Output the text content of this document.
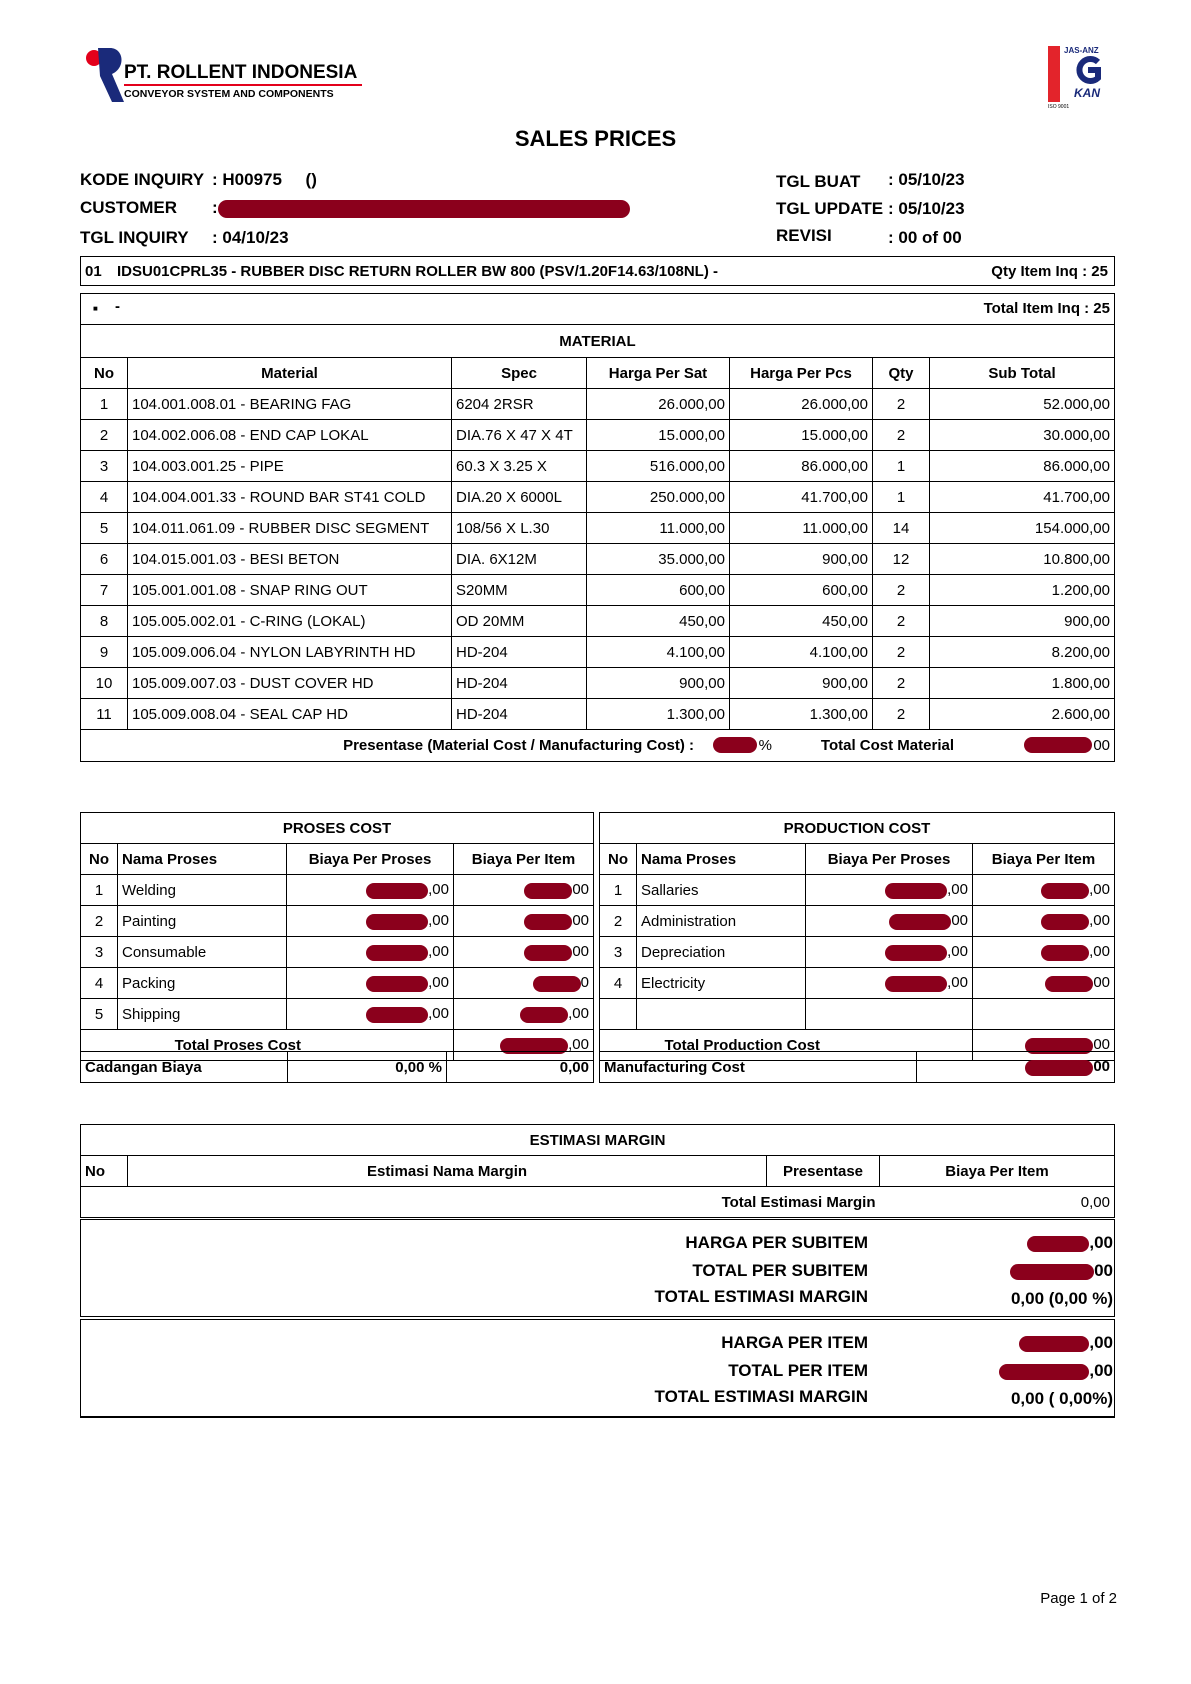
PT. ROLLENT INDONESIA
CONVEYOR SYSTEM AND COMPONENTS
JAS-ANZ
KAN
ISO 9001
SALES PRICES
KODE INQUIRY : H00975     ()
CUSTOMER :
TGL INQUIRY : 04/10/23
TGL BUAT : 05/10/23
TGL UPDATE : 05/10/23
REVISI	: 00 of 00
01 IDSU01CPRL35 - RUBBER DISC RETURN ROLLER BW 800 (PSV/1.20F14.63/108NL) -	Qty Item Inq : 25
■ -	Total Item Inq : 25
MATERIAL						
No	Material	Spec	Harga Per Sat	Harga Per Pcs	Qty	Sub Total
1	104.001.008.01 - BEARING FAG	6204 2RSR	26.000,00	26.000,00	2	52.000,00
2	104.002.006.08 - END CAP LOKAL	DIA.76 X 47 X 4T	15.000,00	15.000,00	2	30.000,00
3	104.003.001.25 - PIPE	60.3 X 3.25 X	516.000,00	86.000,00	1	86.000,00
4	104.004.001.33 - ROUND BAR ST41 COLD	DIA.20 X 6000L	250.000,00	41.700,00	1	41.700,00
5	104.011.061.09 - RUBBER DISC SEGMENT	108/56 X L.30	11.000,00	11.000,00	14	154.000,00
6	104.015.001.03 - BESI BETON	DIA. 6X12M	35.000,00	900,00	12	10.800,00
7	105.001.001.08 - SNAP RING OUT	S20MM	600,00	600,00	2	1.200,00
8	105.005.002.01 - C-RING (LOKAL)	OD 20MM	450,00	450,00	2	900,00
9	105.009.006.04 - NYLON LABYRINTH HD	HD-204	4.100,00	4.100,00	2	8.200,00
10	105.009.007.03 - DUST COVER HD	HD-204	900,00	900,00	2	1.800,00
11	105.009.008.04 - SEAL CAP HD	HD-204	1.300,00	1.300,00	2	2.600,00

Presentase (Material Cost / Manufacturing Cost) : % Total Cost Material 00						
PROSES COST			
No	Nama Proses	Biaya Per Proses	Biaya Per Item
1	Welding	,00	00
2	Painting	,00	00
3	Consumable	,00	00
4	Packing	,00	0
5	Shipping	,00	,00
Total Proses Cost			,00
Cadangan Biaya	0,00 %	0,00
PRODUCTION COST			
No	Nama Proses	Biaya Per Proses	Biaya Per Item
1	Sallaries	,00	,00
2	Administration	00	,00
3	Depreciation	,00	,00
4	Electricity	,00	00

Total Production Cost			00
Manufacturing Cost	00
ESTIMASI MARGIN			
No	Estimasi Nama Margin	Presentase	Biaya Per Item
Total Estimasi Margin			0,00
HARGA PER SUBITEM	,00
TOTAL PER SUBITEM	00
TOTAL ESTIMASI MARGIN	0,00 (0,00 %)
HARGA PER ITEM	,00
TOTAL PER ITEM	,00
TOTAL ESTIMASI MARGIN	0,00 ( 0,00%)
Page 1 of 2
